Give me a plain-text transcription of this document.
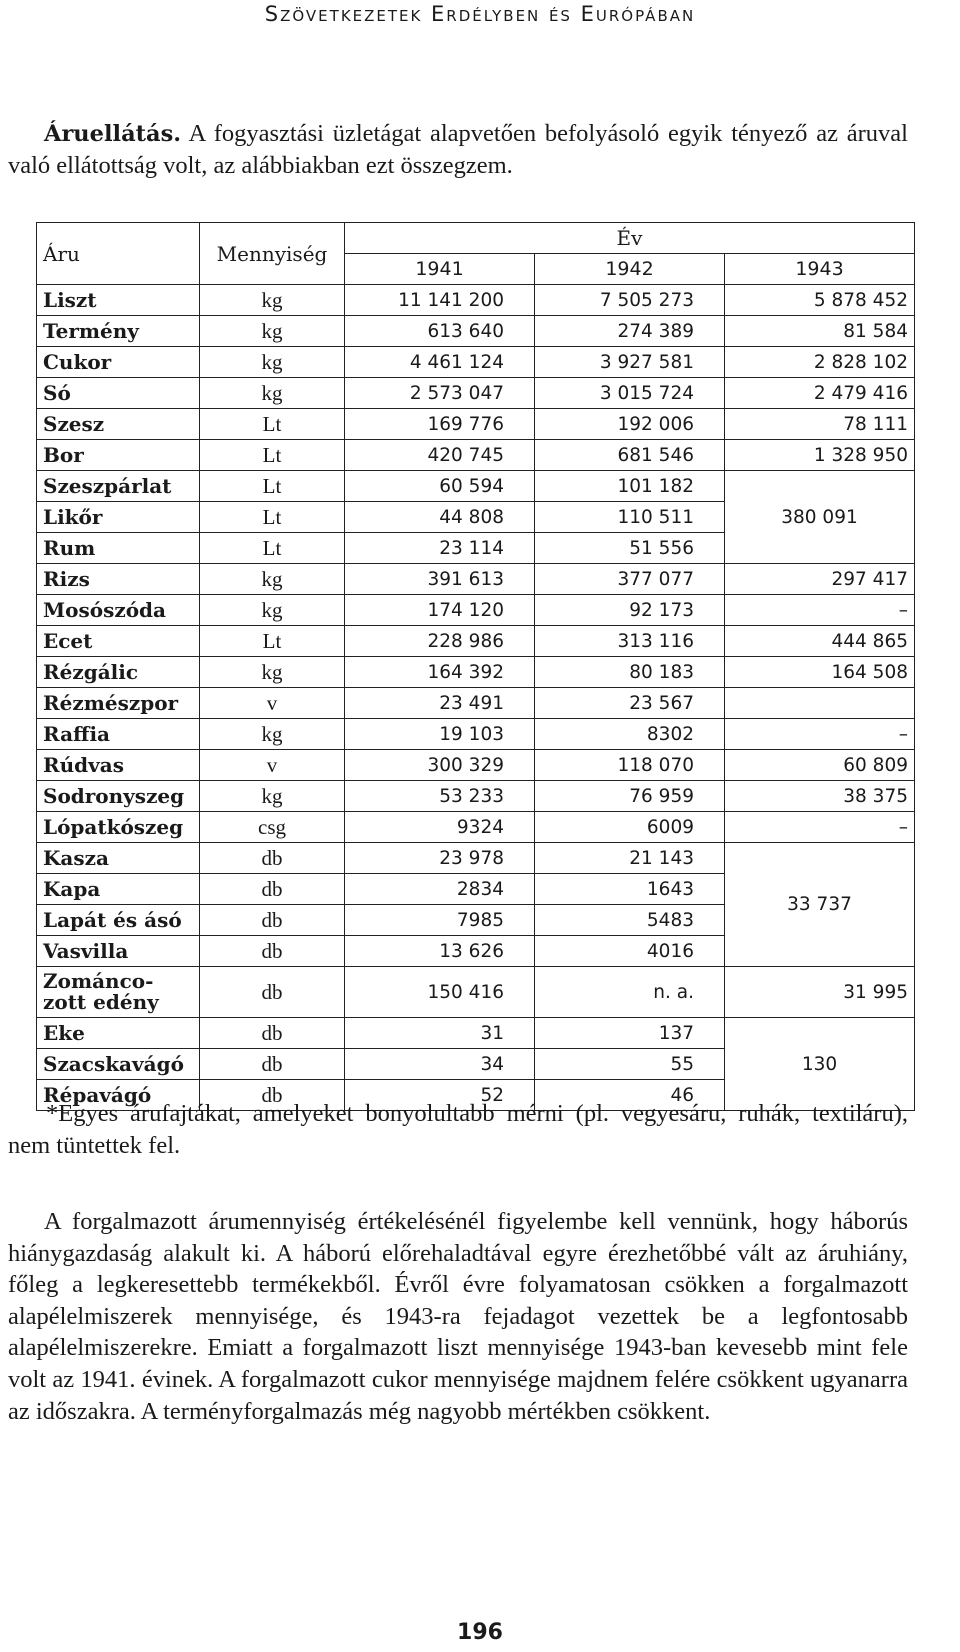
Szövetkezetek Erdélyben és Európában

Áruellátás. A fogyasztási üzletágat alapvetően befolyásoló egyik tényező az áruval való ellátottság volt, az alábbiakban ezt összegzem.

Áru	Mennyiség	Év		
		1941	1942	1943
Liszt	kg	11 141 200	7 505 273	5 878 452
Termény	kg	613 640	274 389	81 584
Cukor	kg	4 461 124	3 927 581	2 828 102
Só	kg	2 573 047	3 015 724	2 479 416
Szesz	Lt	169 776	192 006	78 111
Bor	Lt	420 745	681 546	1 328 950
Szeszpárlat	Lt	60 594	101 182	380 091
Likőr	Lt	44 808	110 511	
Rum	Lt	23 114	51 556	
Rizs	kg	391 613	377 077	297 417
Mosószóda	kg	174 120	92 173	–
Ecet	Lt	228 986	313 116	444 865
Rézgálic	kg	164 392	80 183	164 508
Rézmészpor	v	23 491	23 567	
Raffia	kg	19 103	8302	–
Rúdvas	v	300 329	118 070	60 809
Sodronyszeg	kg	53 233	76 959	38 375
Lópatkószeg	csg	9324	6009	–
Kasza	db	23 978	21 143	33 737
Kapa	db	2834	1643	
Lapát és ásó	db	7985	5483	
Vasvilla	db	13 626	4016	
Zománco-
zott edény	db	150 416	n. a.	31 995
Eke	db	31	137	130
Szacskavágó	db	34	55	
Répavágó	db	52	46	

*Egyes árufajtákat, amelyeket bonyolultabb mérni (pl. vegyesáru, ruhák, textiláru), nem tüntettek fel.

A forgalmazott árumennyiség értékelésénél figyelembe kell vennünk, hogy háborús hiánygazdaság alakult ki. A háború előrehaladtával egyre érezhetőbbé vált az áruhiány, főleg a legkeresettebb termékekből. Évről évre folyamatosan csökken a forgalmazott alapélelmiszerek mennyisége, és 1943-ra fejadagot vezettek be a legfontosabb alapélelmiszerekre. Emiatt a forgalmazott liszt mennyisége 1943-ban kevesebb mint fele volt az 1941. évinek. A forgalmazott cukor mennyisége majdnem felére csökkent ugyanarra az időszakra. A terményforgalmazás még nagyobb mértékben csökkent.

196
